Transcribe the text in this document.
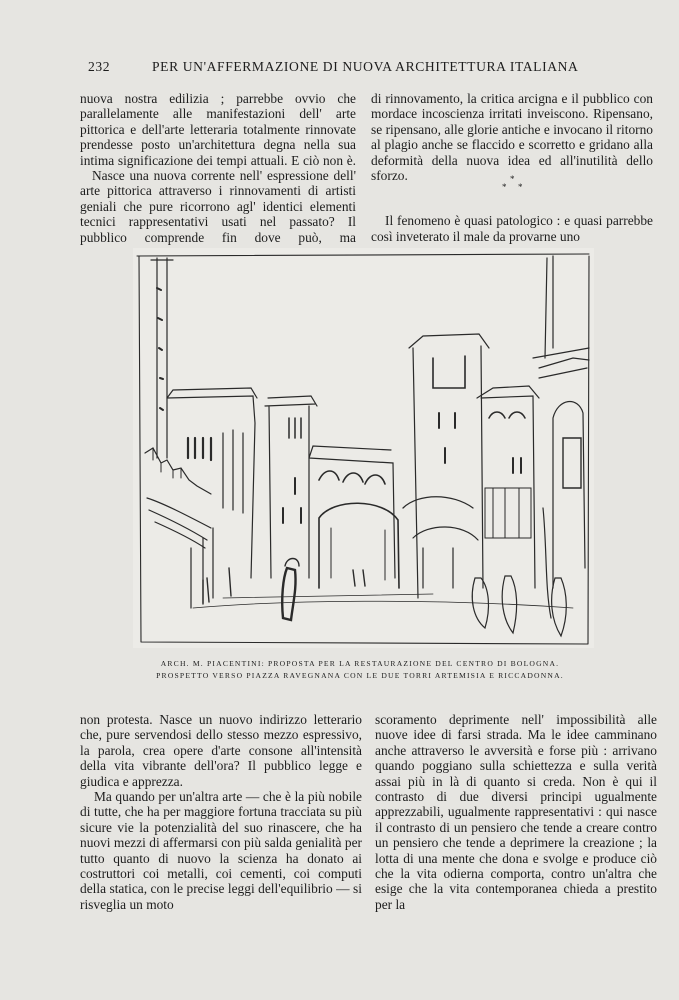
232	PER UN'AFFERMAZIONE DI NUOVA ARCHITETTURA ITALIANA

nuova nostra edilizia ; parrebbe ovvio che parallelamente alle manifestazioni dell' arte pittorica e dell'arte letteraria totalmente rinnovate prendesse posto un'architettura degna nella sua intima significazione dei tempi attuali. E ciò non è.

Nasce una nuova corrente nell' espressione dell' arte pittorica attraverso i rinnovamenti di artisti geniali che pure ricorrono agl' identici elementi tecnici rappresentativi usati nel passato? Il pubblico comprende fin dove può, ma

di rinnovamento, la critica arcigna e il pubblico con mordace incoscienza irritati inveiscono. Ripensano, se ripensano, alle glorie antiche e invocano il ritorno al plagio anche se flaccido e scorretto e gridano alla deformità della nuova idea ed all'inutilità dello sforzo.

Il fenomeno è quasi patologico : e quasi parrebbe così inveterato il male da provarne uno

*
* *
ARCH. M. PIACENTINI: PROPOSTA PER LA RESTAURAZIONE DEL CENTRO DI BOLOGNA.
PROSPETTO VERSO PIAZZA RAVEGNANA CON LE DUE TORRI ARTEMISIA E RICCADONNA.

non protesta. Nasce un nuovo indirizzo letterario che, pure servendosi dello stesso mezzo espressivo, la parola, crea opere d'arte consone all'intensità della vita vibrante dell'ora? Il pubblico legge e giudica e apprezza.

Ma quando per un'altra arte — che è la più nobile di tutte, che ha per maggiore fortuna tracciata su più sicure vie la potenzialità del suo rinascere, che ha nuovi mezzi di affermarsi con più salda genialità per tutto quanto di nuovo la scienza ha donato ai costruttori coi metalli, coi cementi, coi computi della statica, con le precise leggi dell'equilibrio — si risveglia un moto

scoramento deprimente nell' impossibilità alle nuove idee di farsi strada. Ma le idee camminano anche attraverso le avversità e forse più : arrivano quando poggiano sulla schiettezza e sulla verità assai più in là di quanto si creda. Non è qui il contrasto di due diversi principi ugualmente apprezzabili, ugualmente rappresentativi : qui nasce il contrasto di un pensiero che tende a creare contro un pensiero che tende a deprimere la creazione ; la lotta di una mente che dona e svolge e produce ciò che la vita odierna comporta, contro un'altra che esige che la vita contemporanea chieda a prestito per la
